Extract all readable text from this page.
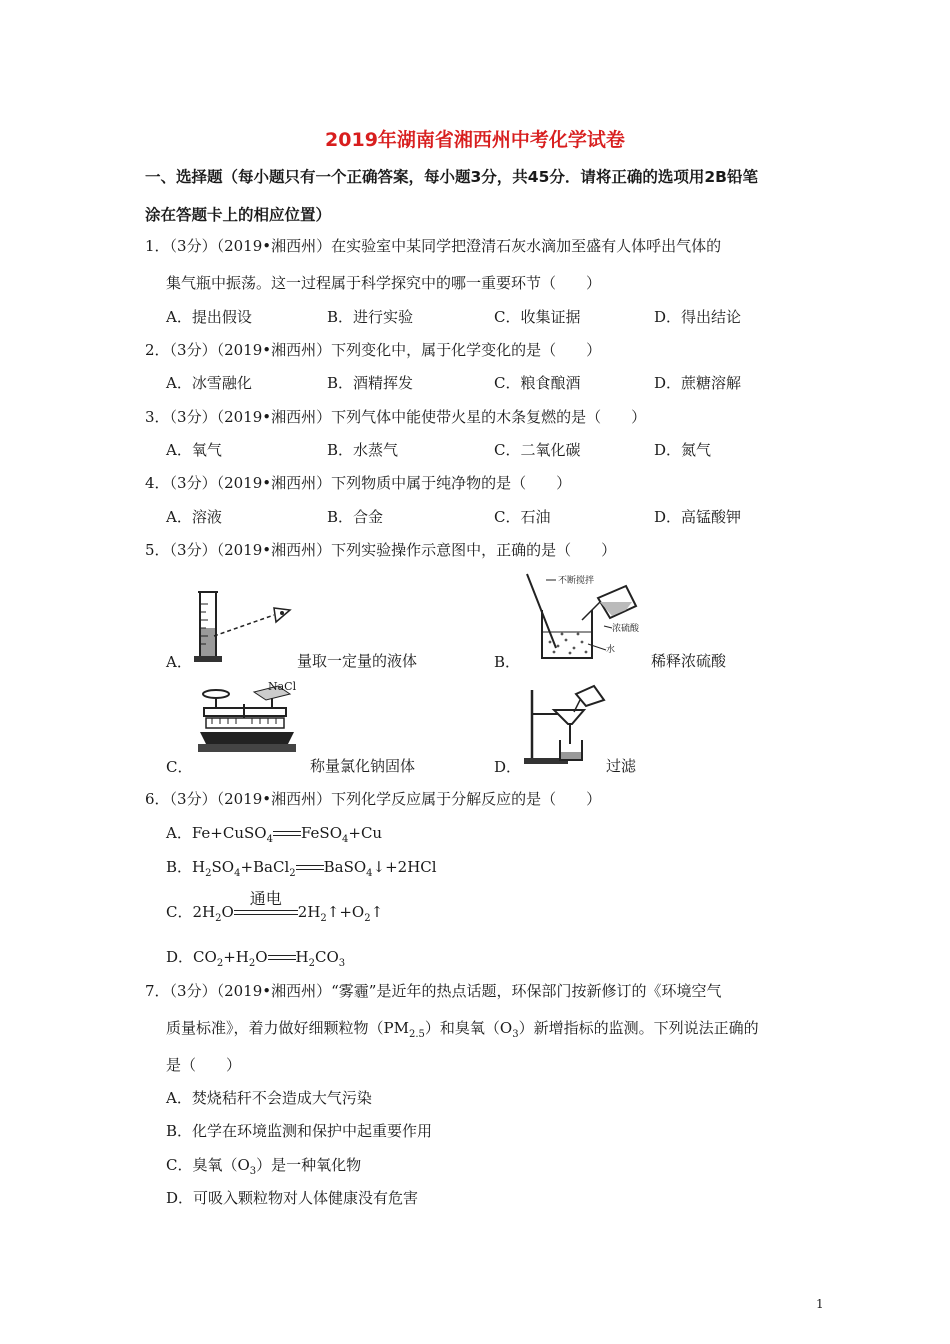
2019年湖南省湘西州中考化学试卷
一、选择题（每小题只有一个正确答案，每小题3分，共45分．请将正确的选项用2B铅笔
涂在答题卡上的相应位置）
1．（3分）（2019•湘西州）在实验室中某同学把澄清石灰水滴加至盛有人体呼出气体的
集气瓶中振荡。这一过程属于科学探究中的哪一重要环节（　　）
A．提出假设	B．进行实验	C．收集证据	D．得出结论
2．（3分）（2019•湘西州）下列变化中，属于化学变化的是（　　）
A．冰雪融化	B．酒精挥发	C．粮食酿酒	D．蔗糖溶解
3．（3分）（2019•湘西州）下列气体中能使带火星的木条复燃的是（　　）
A．氧气	B．水蒸气	C．二氧化碳	D．氮气
4．（3分）（2019•湘西州）下列物质中属于纯净物的是（　　）
A．溶液	B．合金	C．石油	D．高锰酸钾
5．（3分）（2019•湘西州）下列实验操作示意图中，正确的是（　　）
A．	量取一定量的液体
不断搅拌
浓硫酸
水
B．	稀释浓硫酸
NaCl
C．	称量氯化钠固体	D．	过滤
6．（3分）（2019•湘西州）下列化学反应属于分解反应的是（　　）
A．Fe+CuSO$_4$ FeSO$_4$+Cu
B．$H_2SO_4+BaCl_2$ BaSO$_4$↓+2HCl
C．$2H_2O$
通电
$2H_2↑+O_2↑$
D．$CO_2+H_2O$ $H_2CO_3$
7．（3分）（2019•湘西州）“雾霾”是近年的热点话题，环保部门按新修订的《环境空气
质量标准》，着力做好细颗粒物$(PM_{2.5})$和臭氧$(O_3)$新增指标的监测。下列说法正确的
是（　　）
A．焚烧秸秆不会造成大气污染
B．化学在环境监测和保护中起重要作用
C．臭氧$(O_3)$是一种氧化物
D．可吸入颗粒物对人体健康没有危害
1
